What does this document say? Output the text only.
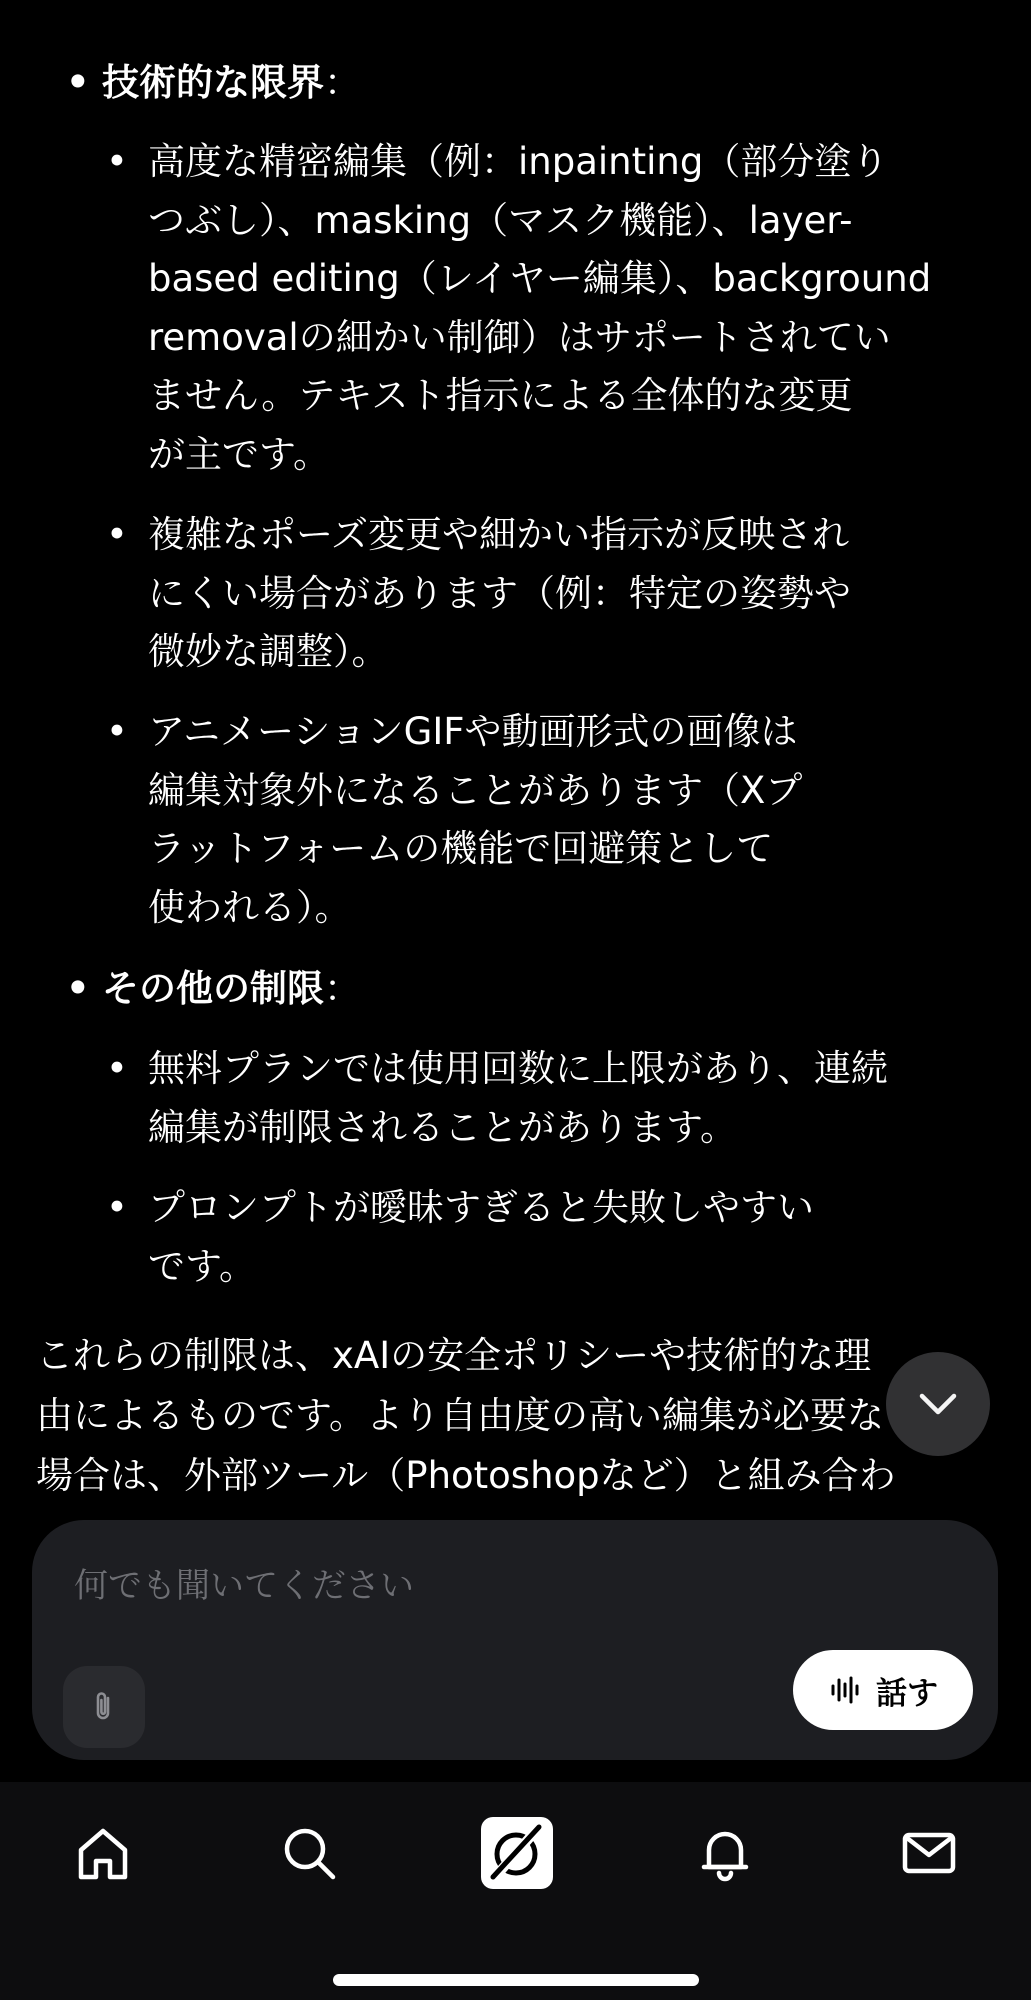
• 技術的な限界：
• 高度な精密編集（例：inpainting（部分塗り
つぶし）、masking（マスク機能）、layer-
based editing（レイヤー編集）、background
removalの細かい制御）はサポートされてい
ません。テキスト指示による全体的な変更
が主です。
• 複雑なポーズ変更や細かい指示が反映され
にくい場合があります（例：特定の姿勢や
微妙な調整）。
• アニメーションGIFや動画形式の画像は
編集対象外になることがあります（Xプ
ラットフォームの機能で回避策として
使われる）。
• その他の制限：
• 無料プランでは使用回数に上限があり、連続
編集が制限されることがあります。
• プロンプトが曖昧すぎると失敗しやすい
です。
これらの制限は、xAIの安全ポリシーや技術的な理
由によるものです。より自由度の高い編集が必要な
場合は、外部ツール（Photoshopなど）と組み合わ
何でも聞いてください
話す
